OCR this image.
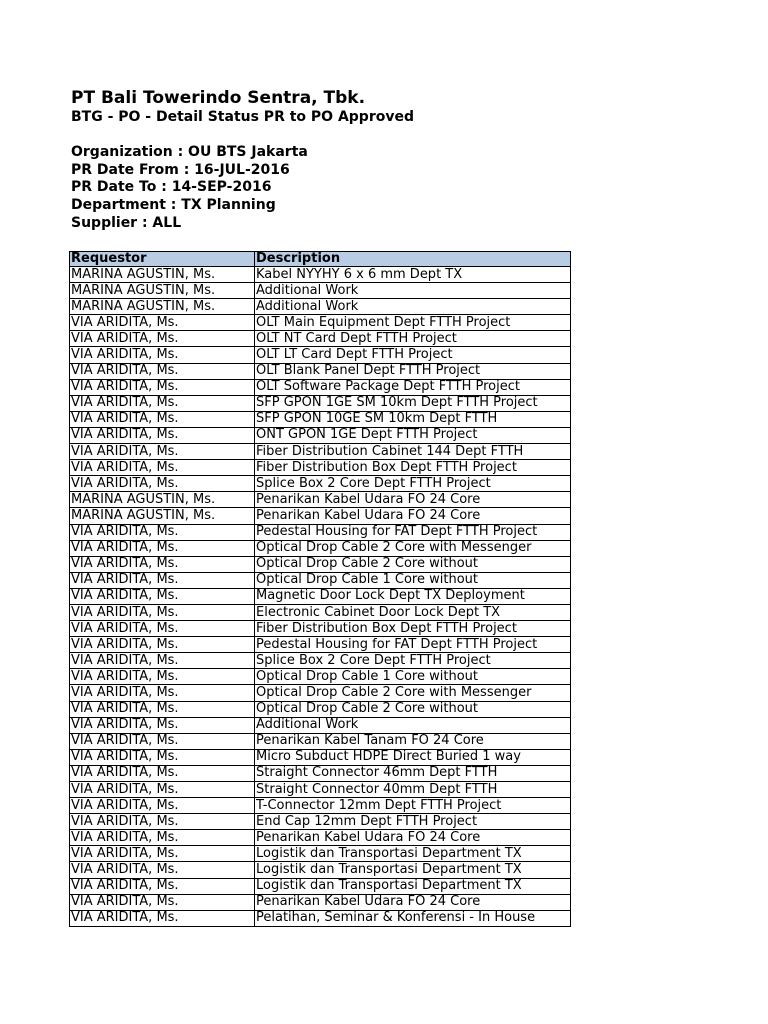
PT Bali Towerindo Sentra, Tbk.
BTG - PO - Detail Status PR to PO Approved
Organization : OU BTS Jakarta
PR Date From : 16-JUL-2016
PR Date To : 14-SEP-2016
Department : TX Planning
Supplier : ALL
Requestor	Description
MARINA AGUSTIN, Ms.	Kabel NYYHY 6 x 6 mm Dept TX
MARINA AGUSTIN, Ms.	Additional Work
MARINA AGUSTIN, Ms.	Additional Work
VIA ARIDITA, Ms.	OLT Main Equipment Dept FTTH Project
VIA ARIDITA, Ms.	OLT NT Card Dept FTTH Project
VIA ARIDITA, Ms.	OLT LT Card Dept FTTH Project
VIA ARIDITA, Ms.	OLT Blank Panel Dept FTTH Project
VIA ARIDITA, Ms.	OLT Software Package Dept FTTH Project
VIA ARIDITA, Ms.	SFP GPON 1GE SM 10km Dept FTTH Project
VIA ARIDITA, Ms.	SFP GPON 10GE SM 10km Dept FTTH
VIA ARIDITA, Ms.	ONT GPON 1GE Dept FTTH Project
VIA ARIDITA, Ms.	Fiber Distribution Cabinet 144 Dept FTTH
VIA ARIDITA, Ms.	Fiber Distribution Box Dept FTTH Project
VIA ARIDITA, Ms.	Splice Box 2 Core Dept FTTH Project
MARINA AGUSTIN, Ms.	Penarikan Kabel Udara FO 24 Core
MARINA AGUSTIN, Ms.	Penarikan Kabel Udara FO 24 Core
VIA ARIDITA, Ms.	Pedestal Housing for FAT Dept FTTH Project
VIA ARIDITA, Ms.	Optical Drop Cable 2 Core with Messenger
VIA ARIDITA, Ms.	Optical Drop Cable 2 Core without
VIA ARIDITA, Ms.	Optical Drop Cable 1 Core without
VIA ARIDITA, Ms.	Magnetic Door Lock Dept TX Deployment
VIA ARIDITA, Ms.	Electronic Cabinet Door Lock Dept TX
VIA ARIDITA, Ms.	Fiber Distribution Box Dept FTTH Project
VIA ARIDITA, Ms.	Pedestal Housing for FAT Dept FTTH Project
VIA ARIDITA, Ms.	Splice Box 2 Core Dept FTTH Project
VIA ARIDITA, Ms.	Optical Drop Cable 1 Core without
VIA ARIDITA, Ms.	Optical Drop Cable 2 Core with Messenger
VIA ARIDITA, Ms.	Optical Drop Cable 2 Core without
VIA ARIDITA, Ms.	Additional Work
VIA ARIDITA, Ms.	Penarikan Kabel Tanam FO 24 Core
VIA ARIDITA, Ms.	Micro Subduct HDPE Direct Buried 1 way
VIA ARIDITA, Ms.	Straight Connector 46mm Dept FTTH
VIA ARIDITA, Ms.	Straight Connector 40mm Dept FTTH
VIA ARIDITA, Ms.	T-Connector 12mm Dept FTTH Project
VIA ARIDITA, Ms.	End Cap 12mm Dept FTTH Project
VIA ARIDITA, Ms.	Penarikan Kabel Udara FO 24 Core
VIA ARIDITA, Ms.	Logistik dan Transportasi Department TX
VIA ARIDITA, Ms.	Logistik dan Transportasi Department TX
VIA ARIDITA, Ms.	Logistik dan Transportasi Department TX
VIA ARIDITA, Ms.	Penarikan Kabel Udara FO 24 Core
VIA ARIDITA, Ms.	Pelatihan, Seminar & Konferensi - In House
